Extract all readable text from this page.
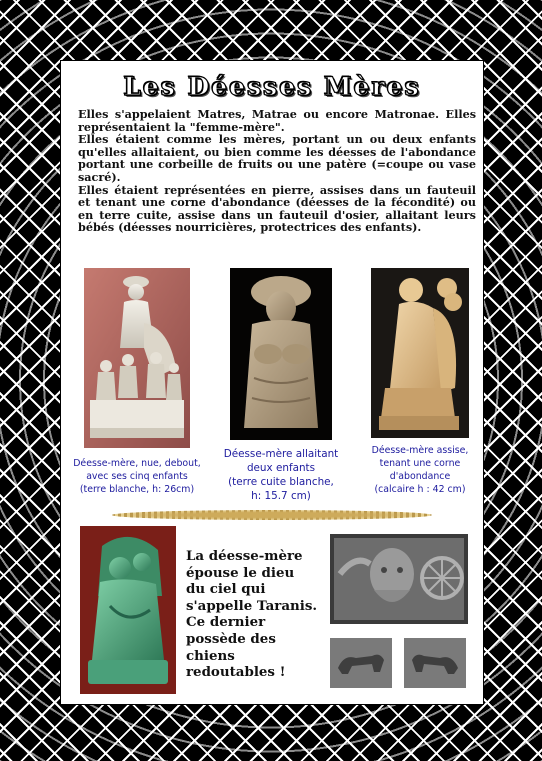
Les Déesses Mères

Elles s'appelaient Matres, Matrae ou encore Matronae. Elles représentaient la "femme-mère".

Elles étaient comme les mères, portant un ou deux enfants qu'elles allaitaient, ou bien comme les déesses de l'abondance portant une corbeille de fruits ou une patère (=coupe ou vase sacré).

Elles étaient représentées en pierre, assises dans un fauteuil et tenant une corne d'abondance (déesses de la fécondité) ou en terre cuite, assise dans un fauteuil d'osier, allaitant leurs bébés (déesses nourricières, protectrices des enfants).

Déesse-mère, nue, debout,
avec ses cinq enfants
(terre blanche, h: 26cm)
Déesse-mère allaitant
deux enfants
(terre cuite blanche,
h: 15.7 cm)
Déesse-mère assise,
tenant une corne
d'abondance
(calcaire h : 42 cm)
La déesse-mère
épouse le dieu
du ciel qui
s'appelle Taranis.
Ce dernier
possède des
chiens
redoutables !
